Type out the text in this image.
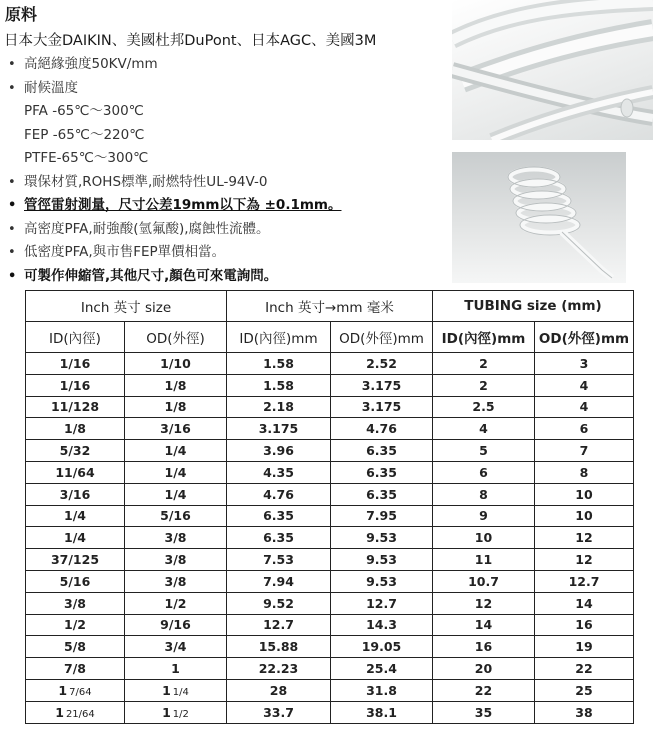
原料
日本大金DAIKIN、美國杜邦DuPont、日本AGC、美國3M
• 高絕緣強度50KV/mm
• 耐候溫度
PFA -65℃～300℃
FEP -65℃～220℃
PTFE-65℃～300℃
• 環保材質,ROHS標準,耐燃特性UL-94V-0
• 管徑雷射測量，尺寸公差19mm以下為 ±0.1mm。
• 高密度PFA,耐強酸(氫氟酸),腐蝕性流體。
• 低密度PFA,與市售FEP單價相當。
• 可製作伸縮管,其他尺寸,顏色可來電詢問。
Inch 英寸 size		Inch 英寸→mm 毫米		TUBING size (mm)	
ID(內徑)	OD(外徑)	ID(內徑)mm	OD(外徑)mm	ID(內徑)mm	OD(外徑)mm
1/16	1/10	1.58	2.52	2	3
1/16	1/8	1.58	3.175	2	4
11/128	1/8	2.18	3.175	2.5	4
1/8	3/16	3.175	4.76	4	6
5/32	1/4	3.96	6.35	5	7
11/64	1/4	4.35	6.35	6	8
3/16	1/4	4.76	6.35	8	10
1/4	5/16	6.35	7.95	9	10
1/4	3/8	6.35	9.53	10	12
37/125	3/8	7.53	9.53	11	12
5/16	3/8	7.94	9.53	10.7	12.7
3/8	1/2	9.52	12.7	12	14
1/2	9/16	12.7	14.3	14	16
5/8	3/4	15.88	19.05	16	19
7/8	1	22.23	25.4	20	22
1 7/64	1 1/4	28	31.8	22	25
1 21/64	1 1/2	33.7	38.1	35	38
